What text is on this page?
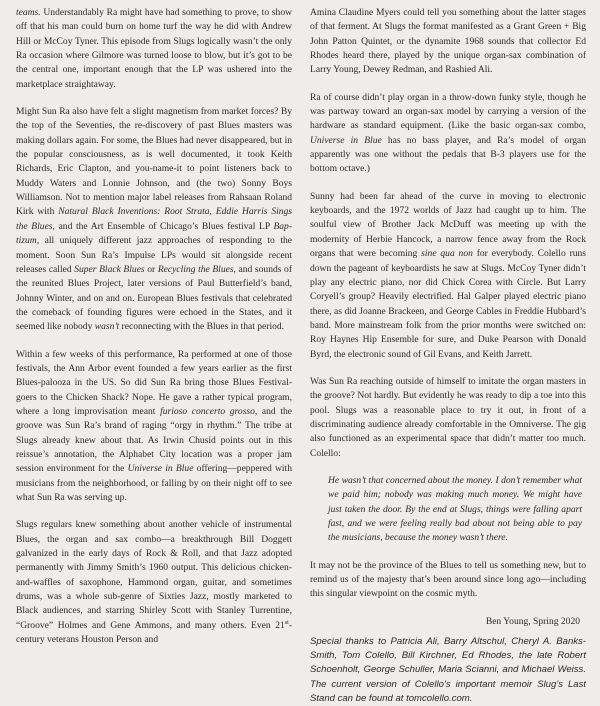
teams. Understandably Ra might have had something to prove, to show off that his man could burn on home turf the way he did with Andrew Hill or McCoy Tyner. This episode from Slugs logically wasn’t the only Ra occasion where Gilmore was turned loose to blow, but it’s got to be the central one, important enough that the LP was ushered into the marketplace straightaway.

Might Sun Ra also have felt a slight magnetism from market forces? By the top of the Seventies, the re-discovery of past Blues masters was making dollars again. For some, the Blues had never disappeared, but in the popular consciousness, as is well documented, it took Keith Richards, Eric Clapton, and you-name-it to point listeners back to Muddy Waters and Lonnie Johnson, and (the two) Sonny Boys Williamson. Not to mention major label releases from Rahsaan Roland Kirk with Natural Black Inventions: Root Strata, Eddie Harris Sings the Blues, and the Art Ensemble of Chicago’s Blues festival LP Bap-tizum, all uniquely different jazz approaches of responding to the moment. Soon Sun Ra’s Impulse LPs would sit alongside recent releases called Super Black Blues or Recycling the Blues, and sounds of the reunited Blues Project, later versions of Paul Butterfield’s band, Johnny Winter, and on and on. European Blues festivals that celebrated the comeback of founding figures were echoed in the States, and it seemed like nobody wasn’t reconnecting with the Blues in that period.

Within a few weeks of this performance, Ra performed at one of those festivals, the Ann Arbor event founded a few years earlier as the first Blues-palooza in the US. So did Sun Ra bring those Blues Festival-goers to the Chicken Shack? Nope. He gave a rather typical program, where a long improvisation meant furioso concerto grosso, and the groove was Sun Ra’s brand of raging “orgy in rhythm.” The tribe at Slugs already knew about that. As Irwin Chusid points out in this reissue’s annotation, the Alphabet City location was a proper jam session environment for the Universe in Blue offering—peppered with musicians from the neighborhood, or falling by on their night off to see what Sun Ra was serving up.

Slugs regulars knew something about another vehicle of instrumental Blues, the organ and sax combo—a breakthrough Bill Doggett galvanized in the early days of Rock & Roll, and that Jazz adopted permanently with Jimmy Smith’s 1960 output. This delicious chicken-and-waffles of saxophone, Hammond organ, guitar, and sometimes drums, was a whole sub-genre of Sixties Jazz, mostly marketed to Black audiences, and starring Shirley Scott with Stanley Turrentine, “Groove” Holmes and Gene Ammons, and many others. Even 21st-century veterans Houston Person and

Amina Claudine Myers could tell you something about the latter stages of that ferment. At Slugs the format manifested as a Grant Green + Big John Patton Quintet, or the dynamite 1968 sounds that collector Ed Rhodes heard there, played by the unique organ-sax combination of Larry Young, Dewey Redman, and Rashied Ali.

Ra of course didn’t play organ in a throw-down funky style, though he was partway toward an organ-sax model by carrying a version of the hardware as standard equipment. (Like the basic organ-sax combo, Universe in Blue has no bass player, and Ra’s model of organ apparently was one without the pedals that B-3 players use for the bottom octave.)

Sunny had been far ahead of the curve in moving to electronic keyboards, and the 1972 worlds of Jazz had caught up to him. The soulful view of Brother Jack McDuff was meeting up with the modernity of Herbie Hancock, a narrow fence away from the Rock organs that were becoming sine qua non for everybody. Colello runs down the pageant of keyboardists he saw at Slugs. McCoy Tyner didn’t play any electric piano, nor did Chick Corea with Circle. But Larry Coryell’s group? Heavily electrified. Hal Galper played electric piano there, as did Joanne Brackeen, and George Cables in Freddie Hubbard’s band. More mainstream folk from the prior months were switched on: Roy Haynes Hip Ensemble for sure, and Duke Pearson with Donald Byrd, the electronic sound of Gil Evans, and Keith Jarrett.

Was Sun Ra reaching outside of himself to imitate the organ masters in the groove? Not hardly. But evidently he was ready to dip a toe into this pool. Slugs was a reasonable place to try it out, in front of a discriminating audience already comfortable in the Omniverse. The gig also functioned as an experimental space that didn’t matter too much. Colello:

He wasn’t that concerned about the money. I don’t remember what we paid him; nobody was making much money. We might have just taken the door. By the end at Slugs, things were falling apart fast, and we were feeling really bad about not being able to pay the musicians, because the money wasn’t there.

It may not be the province of the Blues to tell us something new, but to remind us of the majesty that’s been around since long ago—including this singular viewpoint on the cosmic myth.

Ben Young, Spring 2020

Special thanks to Patricia Ali, Barry Altschul, Cheryl A. Banks-Smith, Tom Colello, Bill Kirchner, Ed Rhodes, the late Robert Schoenholt, George Schuller, Maria Scianni, and Michael Weiss. The current version of Colello’s important memoir Slug’s Last Stand can be found at tomcolello.com.
